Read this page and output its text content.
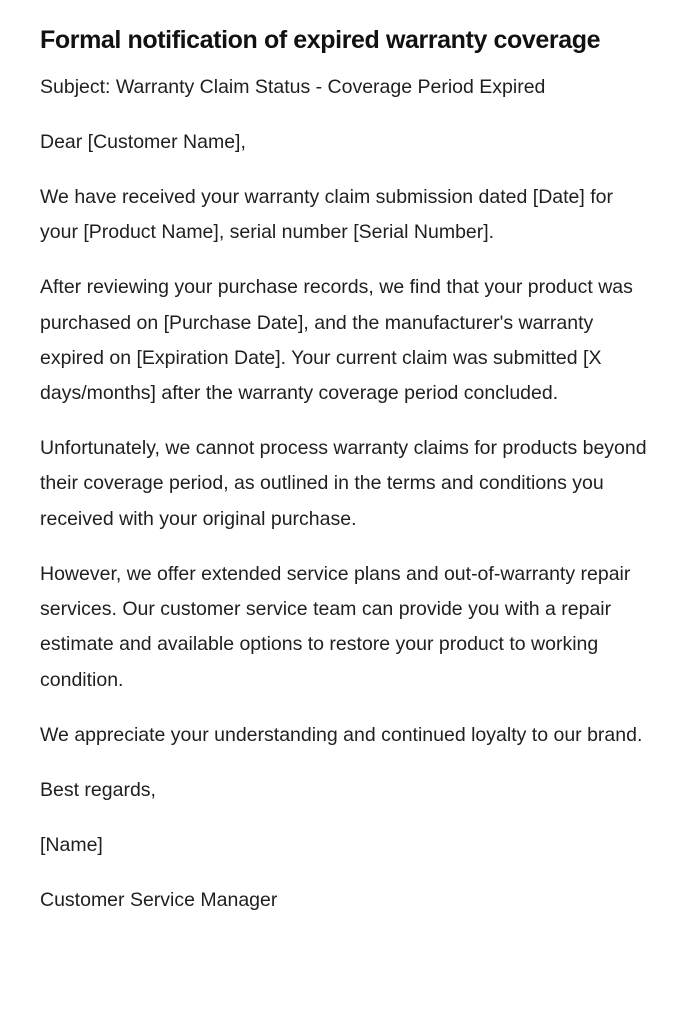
Formal notification of expired warranty coverage

Subject: Warranty Claim Status - Coverage Period Expired

Dear [Customer Name],

We have received your warranty claim submission dated [Date] for your [Product Name], serial number [Serial Number].

After reviewing your purchase records, we find that your product was purchased on [Purchase Date], and the manufacturer's warranty expired on [Expiration Date]. Your current claim was submitted [X days/months] after the warranty coverage period concluded.

Unfortunately, we cannot process warranty claims for products beyond their coverage period, as outlined in the terms and conditions you received with your original purchase.

However, we offer extended service plans and out-of-warranty repair services. Our customer service team can provide you with a repair estimate and available options to restore your product to working condition.

We appreciate your understanding and continued loyalty to our brand.

Best regards,

[Name]

Customer Service Manager
